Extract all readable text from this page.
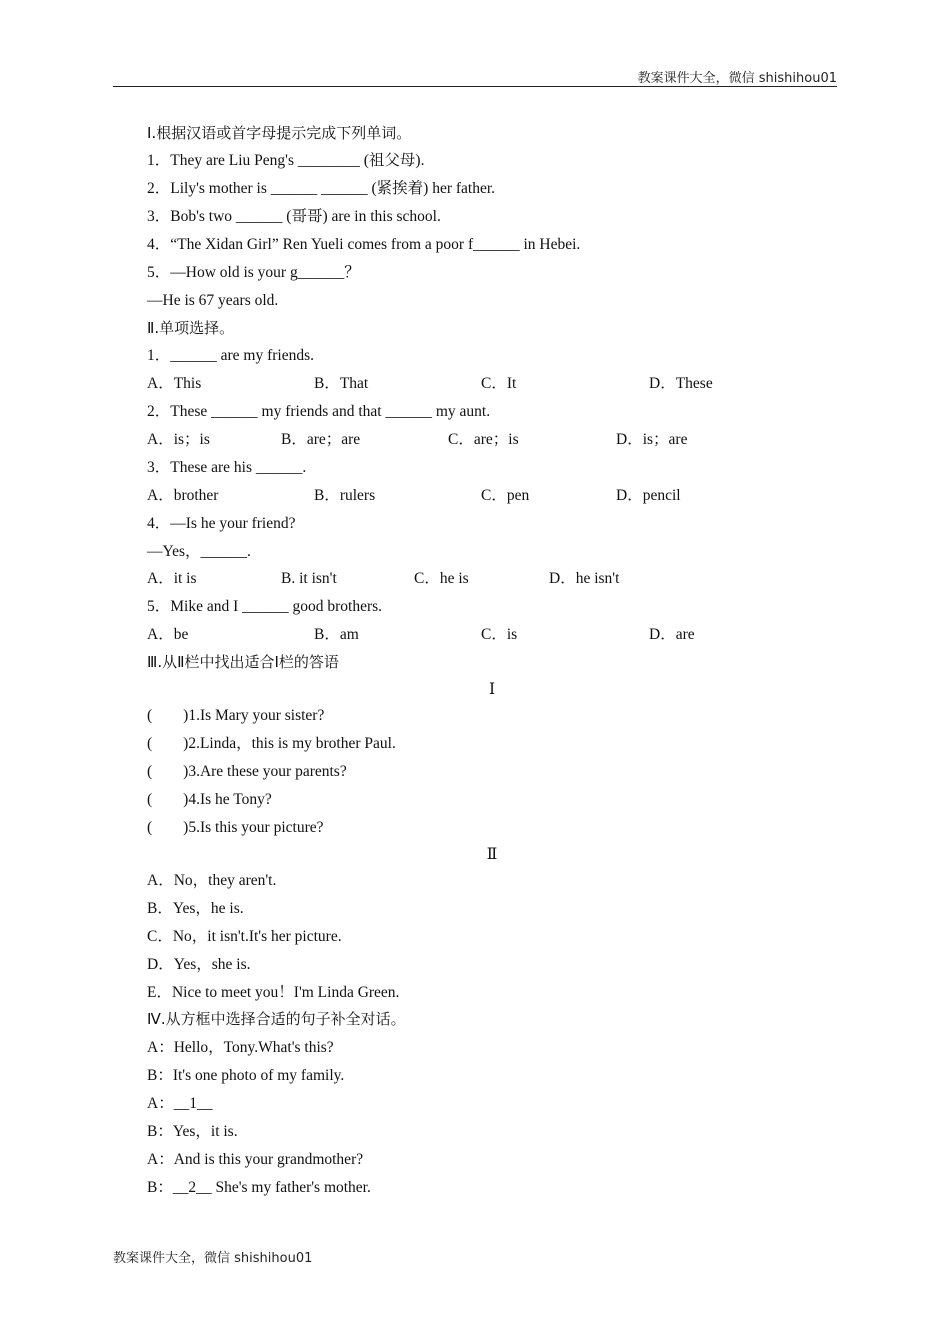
教案课件大全，微信 shishihou01
Ⅰ.根据汉语或首字母提示完成下列单词。
1．They are Liu Peng's ________ (祖父母).
2．Lily's mother is ______ ______ (紧挨着) her father.
3．Bob's two ______ (哥哥) are in this school.
4．“The Xidan Girl” Ren Yueli comes from a poor f______ in Hebei.
5．—How old is your g______？
—He is 67 years old.
Ⅱ.单项选择。
1．______ are my friends.
A．This	B．That	C．It	D．These
2．These ______ my friends and that ______ my aunt.
A．is；is	B．are；are	C．are；is	D．is；are
3．These are his ______.
A．brother	B．rulers	C．pen	D．pencil
4．—Is he your friend?
—Yes，______.
A．it is	B. it isn't	C．he is	D．he isn't
5．Mike and I ______ good brothers.
A．be	B．am	C．is	D．are
Ⅲ.从Ⅱ栏中找出适合Ⅰ栏的答语
Ⅰ
(　　)1.Is Mary your sister?
(　　)2.Linda，this is my brother Paul.
(　　)3.Are these your parents?
(　　)4.Is he Tony?
(　　)5.Is this your picture?
Ⅱ
A．No，they aren't.
B．Yes，he is.
C．No，it isn't.It's her picture.
D．Yes，she is.
E．Nice to meet you！I'm Linda Green.
Ⅳ.从方框中选择合适的句子补全对话。
A：Hello，Tony.What's this?
B：It's one photo of my family.
A：__1__
B：Yes，it is.
A：And is this your grandmother?
B：__2__ She's my father's mother.
教案课件大全，微信 shishihou01
